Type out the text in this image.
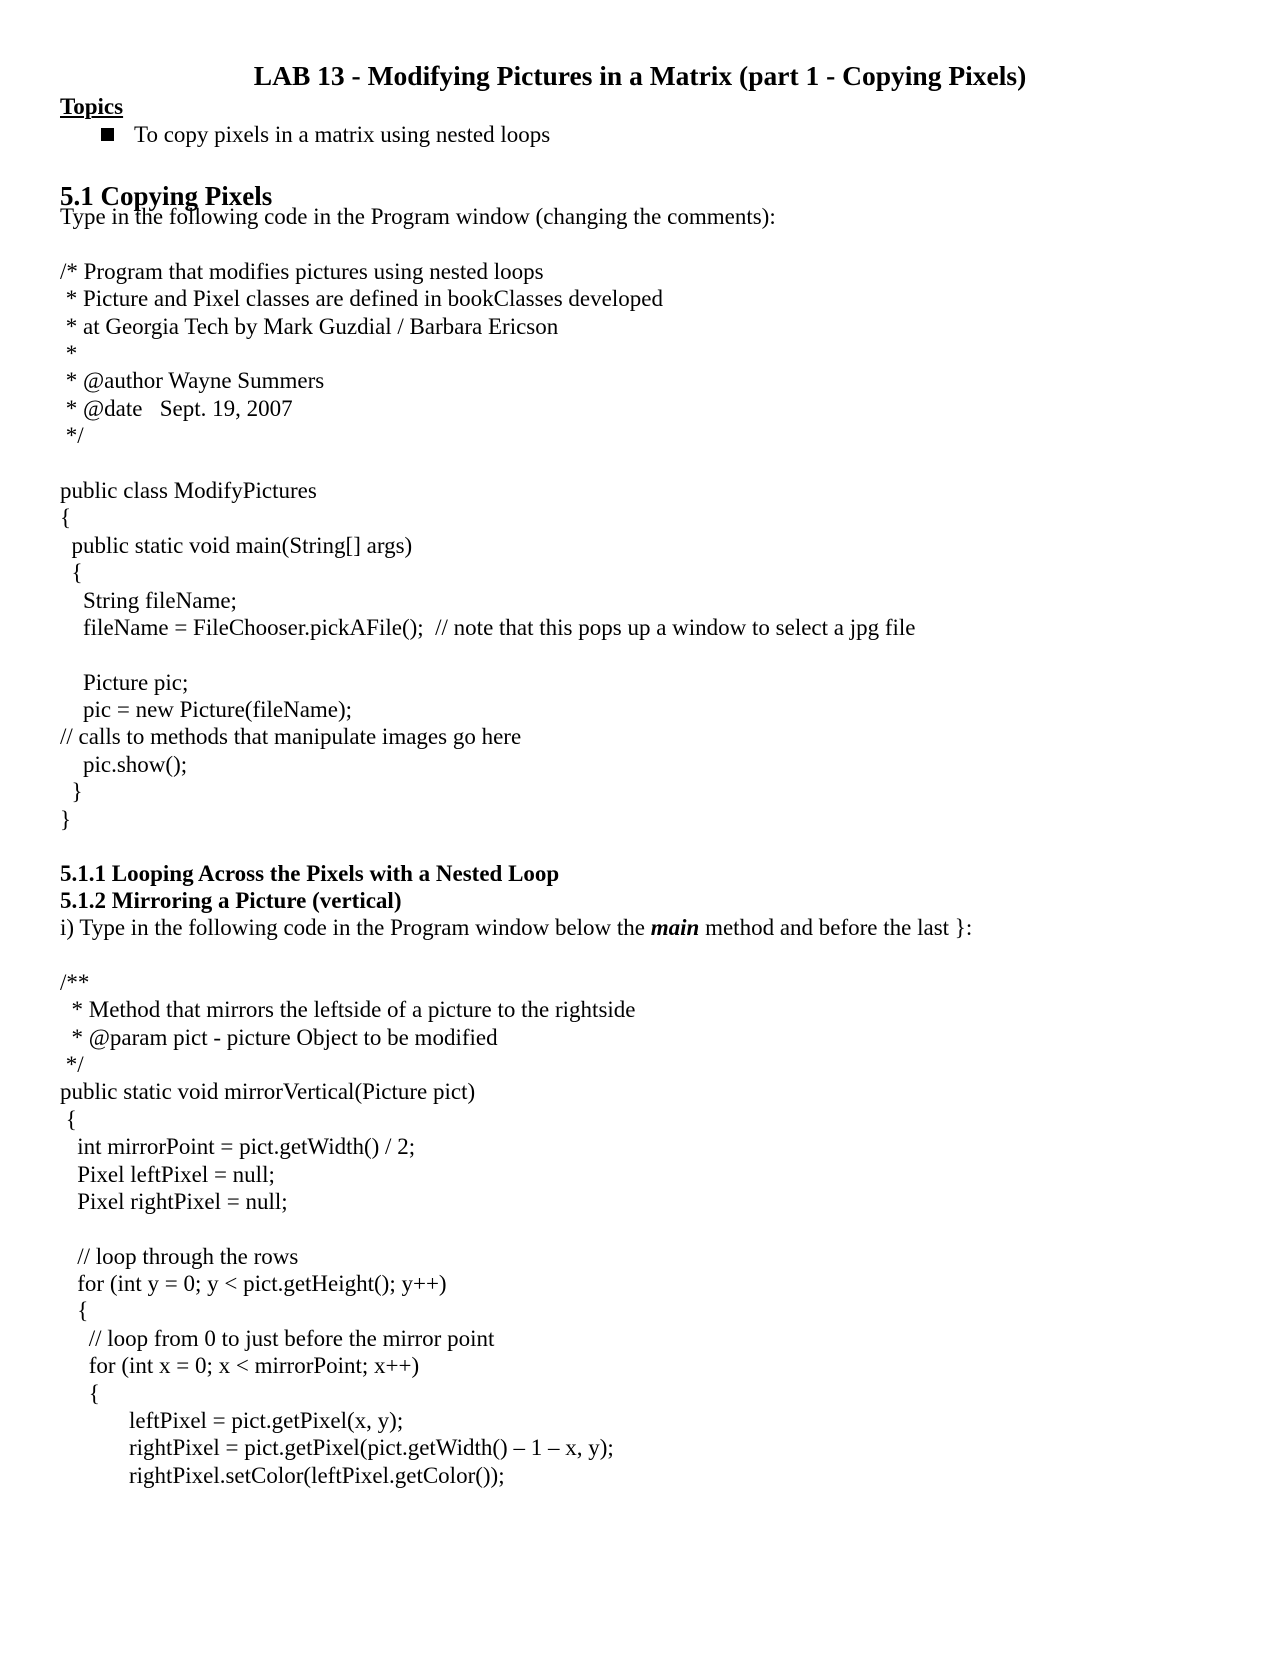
LAB 13 - Modifying Pictures in a Matrix (part 1 - Copying Pixels)
Topics
To copy pixels in a matrix using nested loops
5.1 Copying Pixels
Type in the following code in the Program window (changing the comments):
/* Program that modifies pictures using nested loops
* Picture and Pixel classes are defined in bookClasses developed
* at Georgia Tech by Mark Guzdial / Barbara Ericson
*
* @author Wayne Summers
* @date   Sept. 19, 2007
*/
public class ModifyPictures
{
public static void main(String[] args)
{
String fileName;
fileName = FileChooser.pickAFile();  // note that this pops up a window to select a jpg file
Picture pic;
pic = new Picture(fileName);
// calls to methods that manipulate images go here
pic.show();
}
}
5.1.1 Looping Across the Pixels with a Nested Loop
5.1.2 Mirroring a Picture (vertical)
i) Type in the following code in the Program window below the main method and before the last }:
/**
* Method that mirrors the leftside of a picture to the rightside
* @param pict - picture Object to be modified
*/
public static void mirrorVertical(Picture pict)
{
int mirrorPoint = pict.getWidth() / 2;
Pixel leftPixel = null;
Pixel rightPixel = null;
// loop through the rows
for (int y = 0; y < pict.getHeight(); y++)
{
// loop from 0 to just before the mirror point
for (int x = 0; x < mirrorPoint; x++)
{
leftPixel = pict.getPixel(x, y);
rightPixel = pict.getPixel(pict.getWidth() – 1 – x, y);
rightPixel.setColor(leftPixel.getColor());
